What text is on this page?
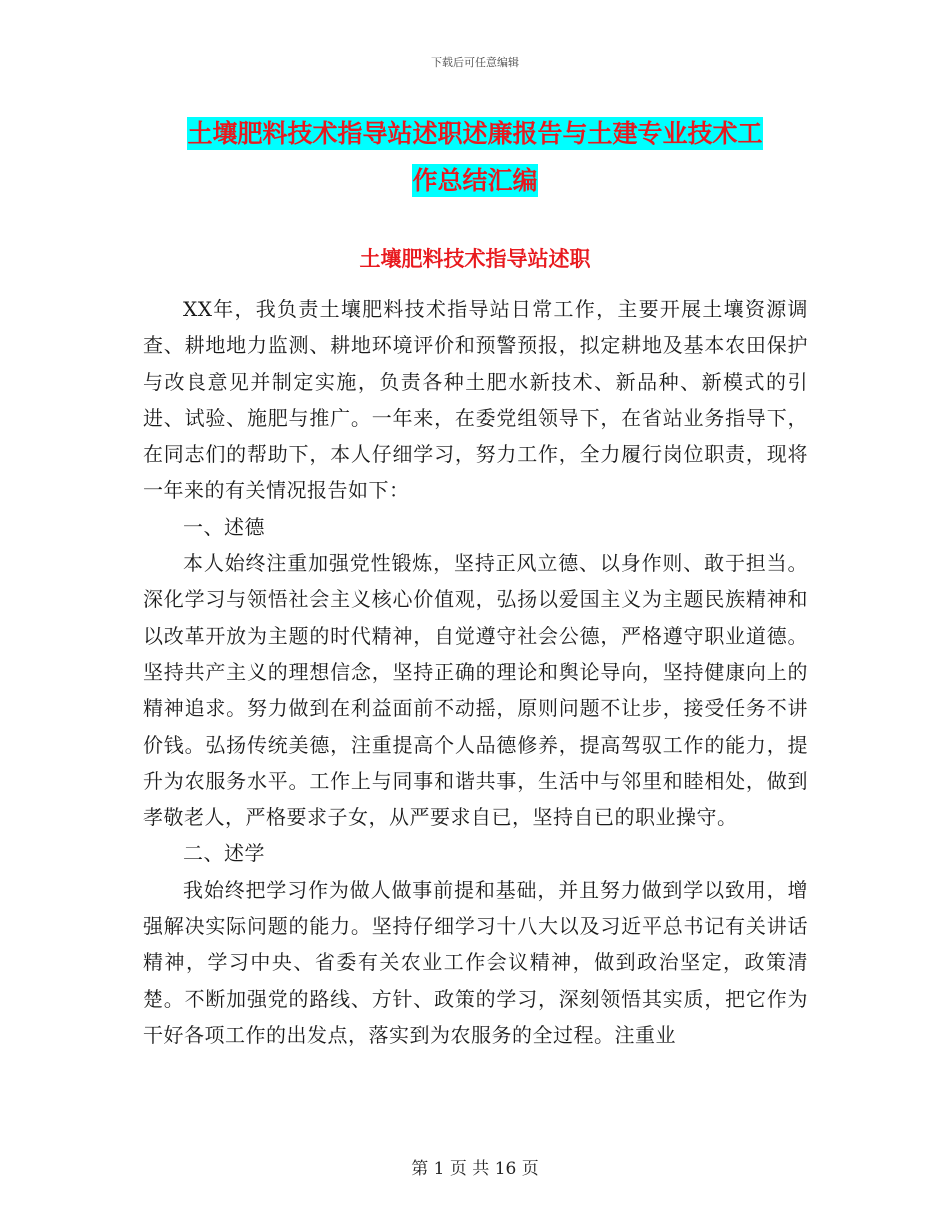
下载后可任意编辑
土壤肥料技术指导站述职述廉报告与土建专业技术工
作总结汇编
土壤肥料技术指导站述职

XX年，我负责土壤肥料技术指导站日常工作，主要开展土壤资源调查、耕地地力监测、耕地环境评价和预警预报，拟定耕地及基本农田保护与改良意见并制定实施，负责各种土肥水新技术、新品种、新模式的引进、试验、施肥与推广。一年来，在委党组领导下，在省站业务指导下，在同志们的帮助下，本人仔细学习，努力工作，全力履行岗位职责，现将一年来的有关情况报告如下：

一、述德

本人始终注重加强党性锻炼，坚持正风立德、以身作则、敢于担当。深化学习与领悟社会主义核心价值观，弘扬以爱国主义为主题民族精神和以改革开放为主题的时代精神，自觉遵守社会公德，严格遵守职业道德。坚持共产主义的理想信念，坚持正确的理论和舆论导向，坚持健康向上的精神追求。努力做到在利益面前不动摇，原则问题不让步，接受任务不讲价钱。弘扬传统美德，注重提高个人品德修养，提高驾驭工作的能力，提升为农服务水平。工作上与同事和谐共事，生活中与邻里和睦相处，做到孝敬老人，严格要求子女，从严要求自已，坚持自已的职业操守。

二、述学

我始终把学习作为做人做事前提和基础，并且努力做到学以致用，增强解决实际问题的能力。坚持仔细学习十八大以及习近平总书记有关讲话精神，学习中央、省委有关农业工作会议精神，做到政治坚定，政策清楚。不断加强党的路线、方针、政策的学习，深刻领悟其实质，把它作为干好各项工作的出发点，落实到为农服务的全过程。注重业

第 1 页 共 16 页
